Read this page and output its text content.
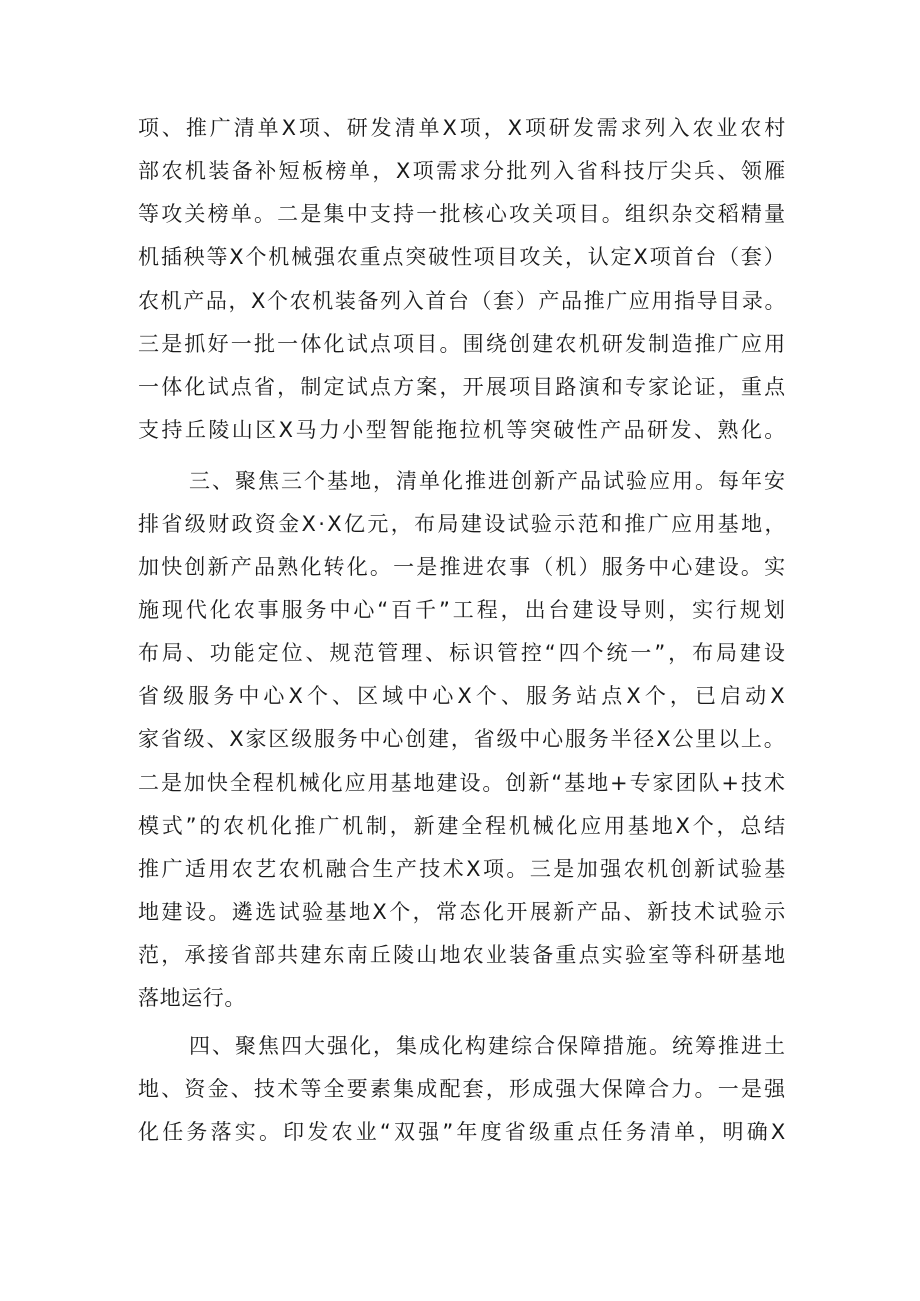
项、推广清单X项、研发清单X项，X项研发需求列入农业农村
部农机装备补短板榜单，X项需求分批列入省科技厅尖兵、领雁
等攻关榜单。二是集中支持一批核心攻关项目。组织杂交稻精量
机插秧等X个机械强农重点突破性项目攻关，认定X项首台（套）
农机产品，X个农机装备列入首台（套）产品推广应用指导目录。
三是抓好一批一体化试点项目。围绕创建农机研发制造推广应用
一体化试点省，制定试点方案，开展项目路演和专家论证，重点
支持丘陵山区X马力小型智能拖拉机等突破性产品研发、熟化。
三、聚焦三个基地，清单化推进创新产品试验应用。每年安
排省级财政资金X·X亿元，布局建设试验示范和推广应用基地，
加快创新产品熟化转化。一是推进农事（机）服务中心建设。实
施现代化农事服务中心“百千”工程，出台建设导则，实行规划
布局、功能定位、规范管理、标识管控“四个统一”，布局建设
省级服务中心X个、区域中心X个、服务站点X个，已启动X
家省级、X家区级服务中心创建，省级中心服务半径X公里以上。
二是加快全程机械化应用基地建设。创新“基地+专家团队+技术
模式”的农机化推广机制，新建全程机械化应用基地X个，总结
推广适用农艺农机融合生产技术X项。三是加强农机创新试验基
地建设。遴选试验基地X个，常态化开展新产品、新技术试验示
范，承接省部共建东南丘陵山地农业装备重点实验室等科研基地
落地运行。
四、聚焦四大强化，集成化构建综合保障措施。统筹推进土
地、资金、技术等全要素集成配套，形成强大保障合力。一是强
化任务落实。印发农业“双强”年度省级重点任务清单，明确X
